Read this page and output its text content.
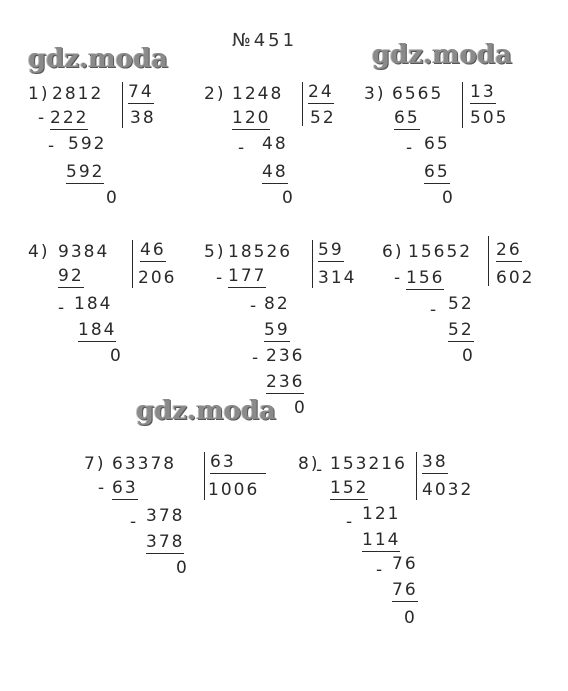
№451
gdz.moda	gdz.moda
gdz.moda
1) 2812 74
38
- 222
- 592
592
0
2) 1248 24
52
120
- 48
48
0
3) 6565 13
505
65
- 65
65
0
4) 9384 46
206
92
- 184
184
0
5) 18526 59
314
- 177
- 82
59
- 236
236
0
6) 15652 26
602
- 156
- 52
52
0
7) 63378 63
1006
- 63
- 378
378
0
8) 153216 38
4032
-
152
- 121
114
- 76
76
0
